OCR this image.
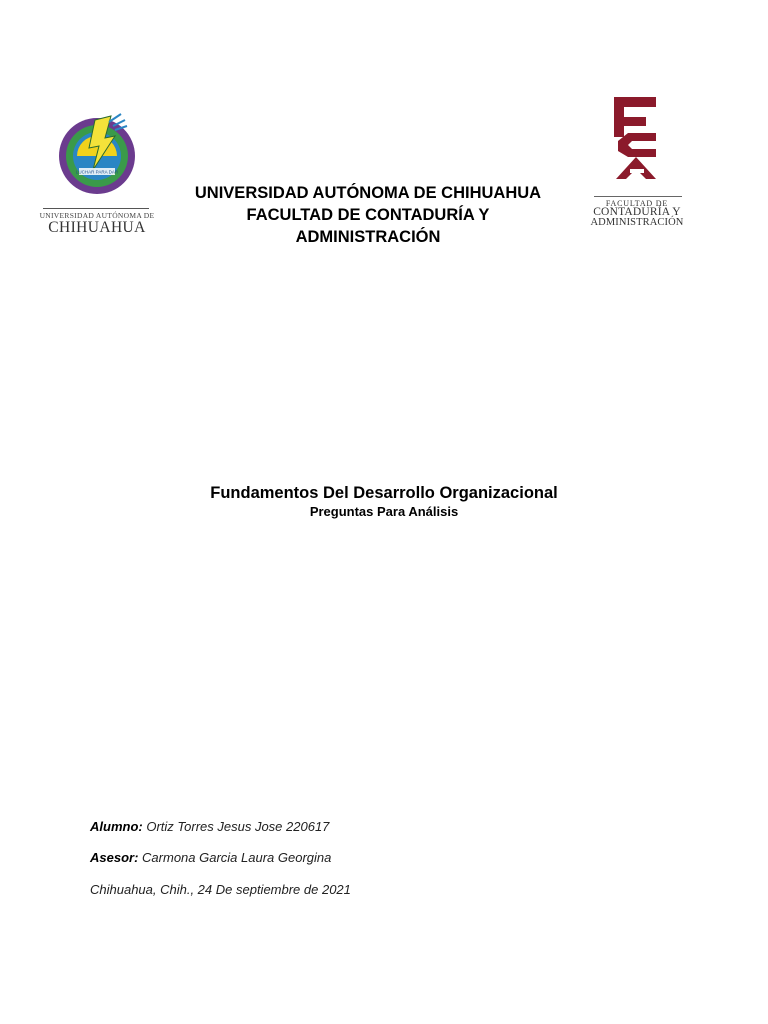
LUCHAR PARA DAR
UNIVERSIDAD AUTÓNOMA DE
CHIHUAHUA
UNIVERSIDAD AUTÓNOMA DE CHIHUAHUA
FACULTAD DE CONTADURÍA Y
ADMINISTRACIÓN
FACULTAD DE
CONTADURÍA Y
ADMINISTRACIÓN
Fundamentos Del Desarrollo Organizacional
Preguntas Para Análisis
Alumno: Ortiz Torres Jesus Jose 220617
Asesor: Carmona Garcia Laura Georgina
Chihuahua, Chih., 24 De septiembre de 2021
